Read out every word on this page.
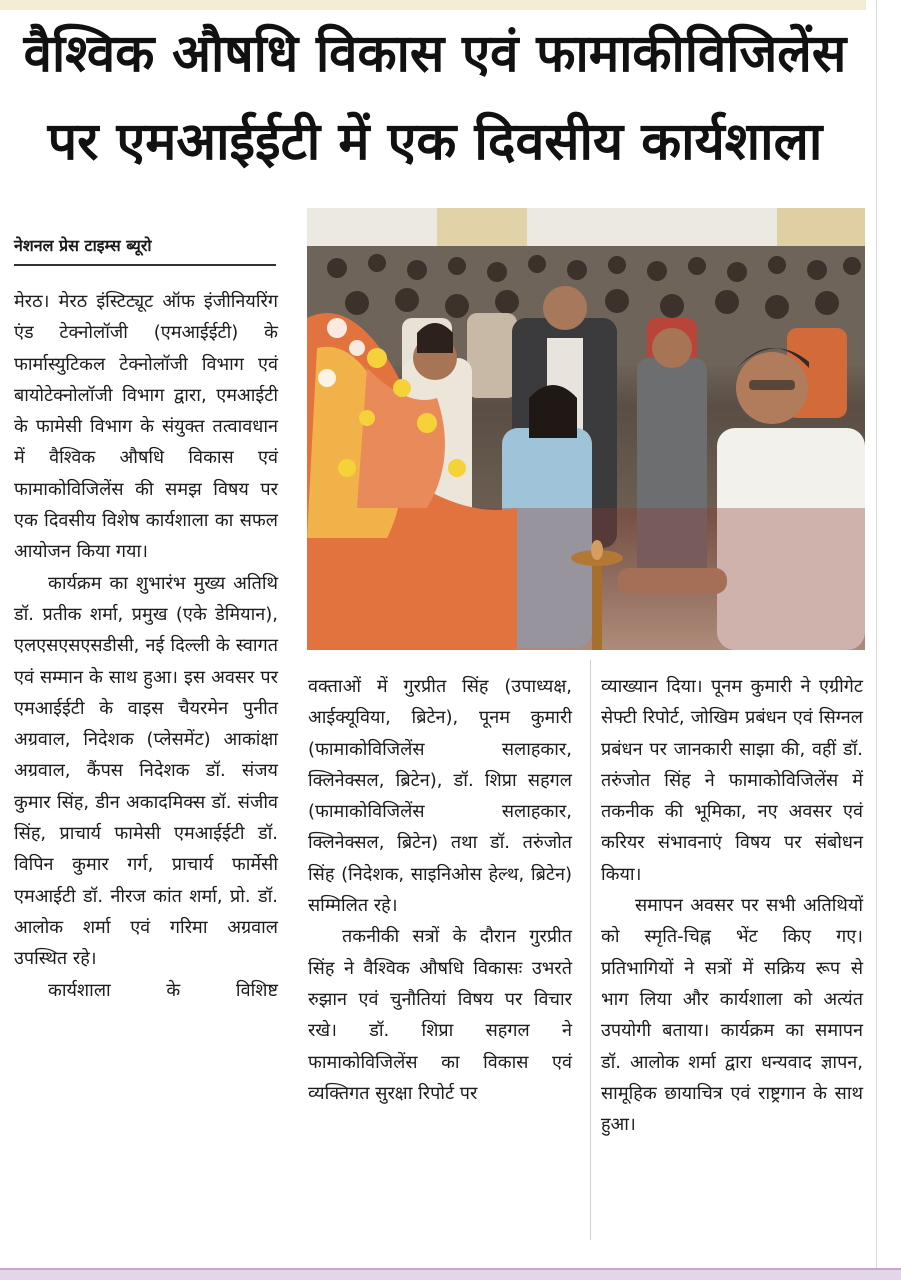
वैश्विक औषधि विकास एवं फामाकीविजिलेंस
पर एमआईईटी में एक दिवसीय कार्यशाला
नेशनल प्रेस टाइम्स ब्यूरो

मेरठ। मेरठ इंस्टिट्यूट ऑफ इंजीनियरिंग एंड टेक्नोलॉजी (एमआईईटी) के फार्मास्युटिकल टेक्नोलॉजी विभाग एवं बायोटेक्नोलॉजी विभाग द्वारा, एमआईटी के फामेसी विभाग के संयुक्त तत्वावधान में वैश्विक औषधि विकास एवं फामाकोविजिलेंस की समझ विषय पर एक दिवसीय विशेष कार्यशाला का सफल आयोजन किया गया।

कार्यक्रम का शुभारंभ मुख्य अतिथि डॉ. प्रतीक शर्मा, प्रमुख (एके डेमियान), एलएसएसएसडीसी, नई दिल्ली के स्वागत एवं सम्मान के साथ हुआ। इस अवसर पर एमआईईटी के वाइस चैयरमेन पुनीत अग्रवाल, निदेशक (प्लेसमेंट) आकांक्षा अग्रवाल, कैंपस निदेशक डॉ. संजय कुमार सिंह, डीन अकादमिक्स डॉ. संजीव सिंह, प्राचार्य फामेसी एमआईईटी डॉ. विपिन कुमार गर्ग, प्राचार्य फार्मेसी एमआईटी डॉ. नीरज कांत शर्मा, प्रो. डॉ. आलोक शर्मा एवं गरिमा अग्रवाल उपस्थित रहे।

कार्यशाला के विशिष्ट

वक्ताओं में गुरप्रीत सिंह (उपाध्यक्ष, आईक्यूविया, ब्रिटेन), पूनम कुमारी (फामाकोविजिलेंस सलाहकार, क्लिनेक्सल, ब्रिटेन), डॉ. शिप्रा सहगल (फामाकोविजिलेंस सलाहकार, क्लिनेक्सल, ब्रिटेन) तथा डॉ. तरुंजोत सिंह (निदेशक, साइनिओस हेल्थ, ब्रिटेन) सम्मिलित रहे।

तकनीकी सत्रों के दौरान गुरप्रीत सिंह ने वैश्विक औषधि विकासः उभरते रुझान एवं चुनौतियां विषय पर विचार रखे। डॉ. शिप्रा सहगल ने फामाकोविजिलेंस का विकास एवं व्यक्तिगत सुरक्षा रिपोर्ट पर

व्याख्यान दिया। पूनम कुमारी ने एग्रीगेट सेफ्टी रिपोर्ट, जोखिम प्रबंधन एवं सिग्नल प्रबंधन पर जानकारी साझा की, वहीं डॉ. तरुंजोत सिंह ने फामाकोविजिलेंस में तकनीक की भूमिका, नए अवसर एवं करियर संभावनाएं विषय पर संबोधन किया।

समापन अवसर पर सभी अतिथियों को स्मृति-चिह्न भेंट किए गए। प्रतिभागियों ने सत्रों में सक्रिय रूप से भाग लिया और कार्यशाला को अत्यंत उपयोगी बताया। कार्यक्रम का समापन डॉ. आलोक शर्मा द्वारा धन्यवाद ज्ञापन, सामूहिक छायाचित्र एवं राष्ट्रगान के साथ हुआ।
